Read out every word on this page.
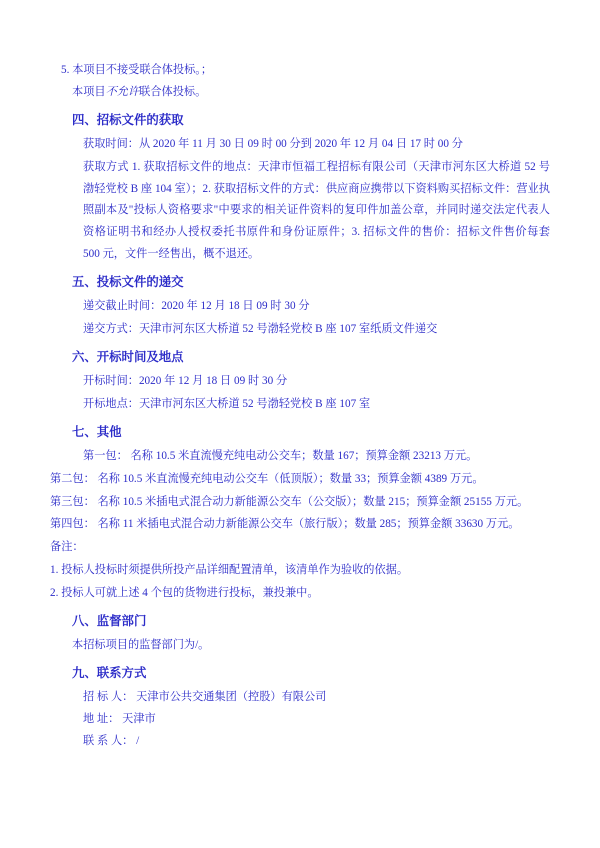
5. 本项目不接受联合体投标。；

本项目不允许联合体投标。

四、招标文件的获取

获取时间：从 2020 年 11 月 30 日 09 时 00 分到 2020 年 12 月 04 日 17 时 00 分

获取方式 1. 获取招标文件的地点：天津市恒福工程招标有限公司（天津市河东区大桥道 52 号渤轻党校 B 座 104 室）；2. 获取招标文件的方式：供应商应携带以下资料购买招标文件：营业执照副本及"投标人资格要求"中要求的相关证件资料的复印件加盖公章，并同时递交法定代表人资格证明书和经办人授权委托书原件和身份证原件；3. 招标文件的售价：招标文件售价每套 500 元，文件一经售出，概不退还。

五、投标文件的递交

递交截止时间：2020 年 12 月 18 日 09 时 30 分

递交方式：天津市河东区大桥道 52 号渤轻党校 B 座 107 室纸质文件递交

六、开标时间及地点

开标时间：2020 年 12 月 18 日 09 时 30 分

开标地点：天津市河东区大桥道 52 号渤轻党校 B 座 107 室

七、其他

第一包： 名称 10.5 米直流慢充纯电动公交车；数量 167；预算金额 23213 万元。

第二包： 名称 10.5 米直流慢充纯电动公交车（低顶版）；数量 33；预算金额 4389 万元。

第三包： 名称 10.5 米插电式混合动力新能源公交车（公交版）；数量 215；预算金额 25155 万元。

第四包： 名称 11 米插电式混合动力新能源公交车（旅行版）；数量 285；预算金额 33630 万元。

备注：

1. 投标人投标时须提供所投产品详细配置清单，该清单作为验收的依据。

2. 投标人可就上述 4 个包的货物进行投标，兼投兼中。

八、监督部门

本招标项目的监督部门为/。

九、联系方式

招 标 人： 天津市公共交通集团（控股）有限公司

地 址： 天津市

联 系 人： /
